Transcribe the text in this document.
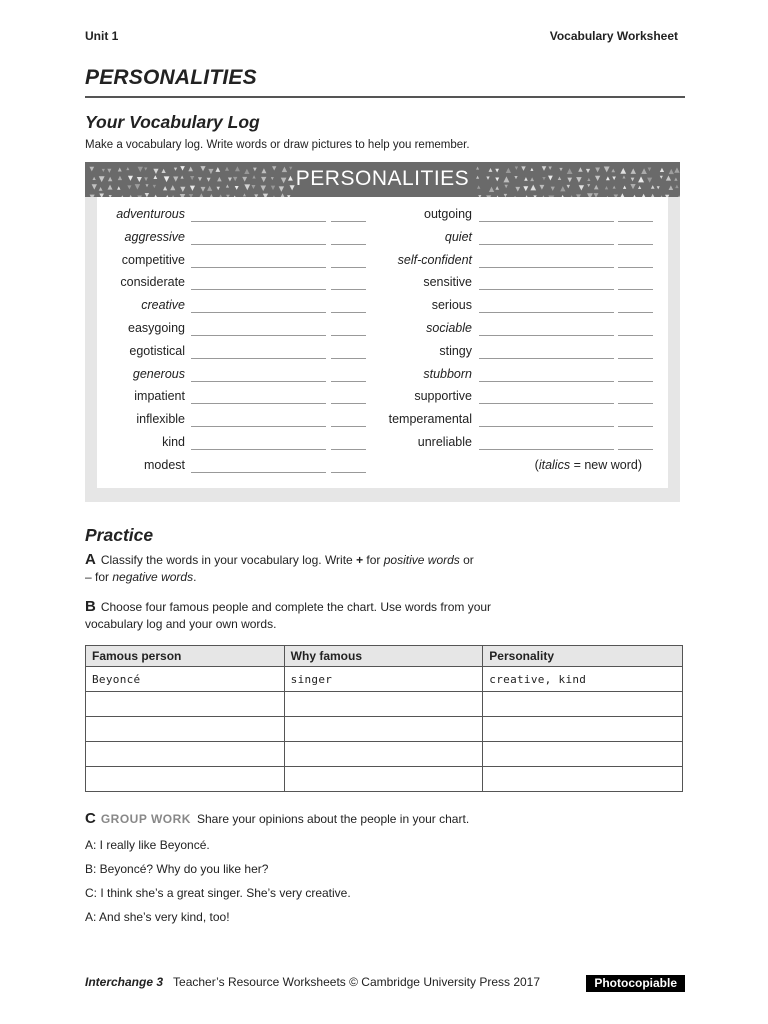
Unit 1	Vocabulary Worksheet
PERSONALITIES
Your Vocabulary Log
Make a vocabulary log. Write words or draw pictures to help you remember.
PERSONALITIES
(italics = new word)
adventurous
aggressive
competitive
considerate
creative
easygoing
egotistical
generous
impatient
inflexible
kind
modest
outgoing
quiet
self-confident
sensitive
serious
sociable
stingy
stubborn
supportive
temperamental
unreliable
Practice
A Classify the words in your vocabulary log. Write + for positive words or
– for negative words.
B Choose four famous people and complete the chart. Use words from your
vocabulary log and your own words.
Famous person	Why famous	Personality
Beyoncé	singer	creative, kind

C GROUP WORK Share your opinions about the people in your chart.
A: I really like Beyoncé.
B: Beyoncé? Why do you like her?
C: I think she’s a great singer. She’s very creative.
A: And she’s very kind, too!
Interchange 3 Teacher’s Resource Worksheets © Cambridge University Press 2017	Photocopiable
